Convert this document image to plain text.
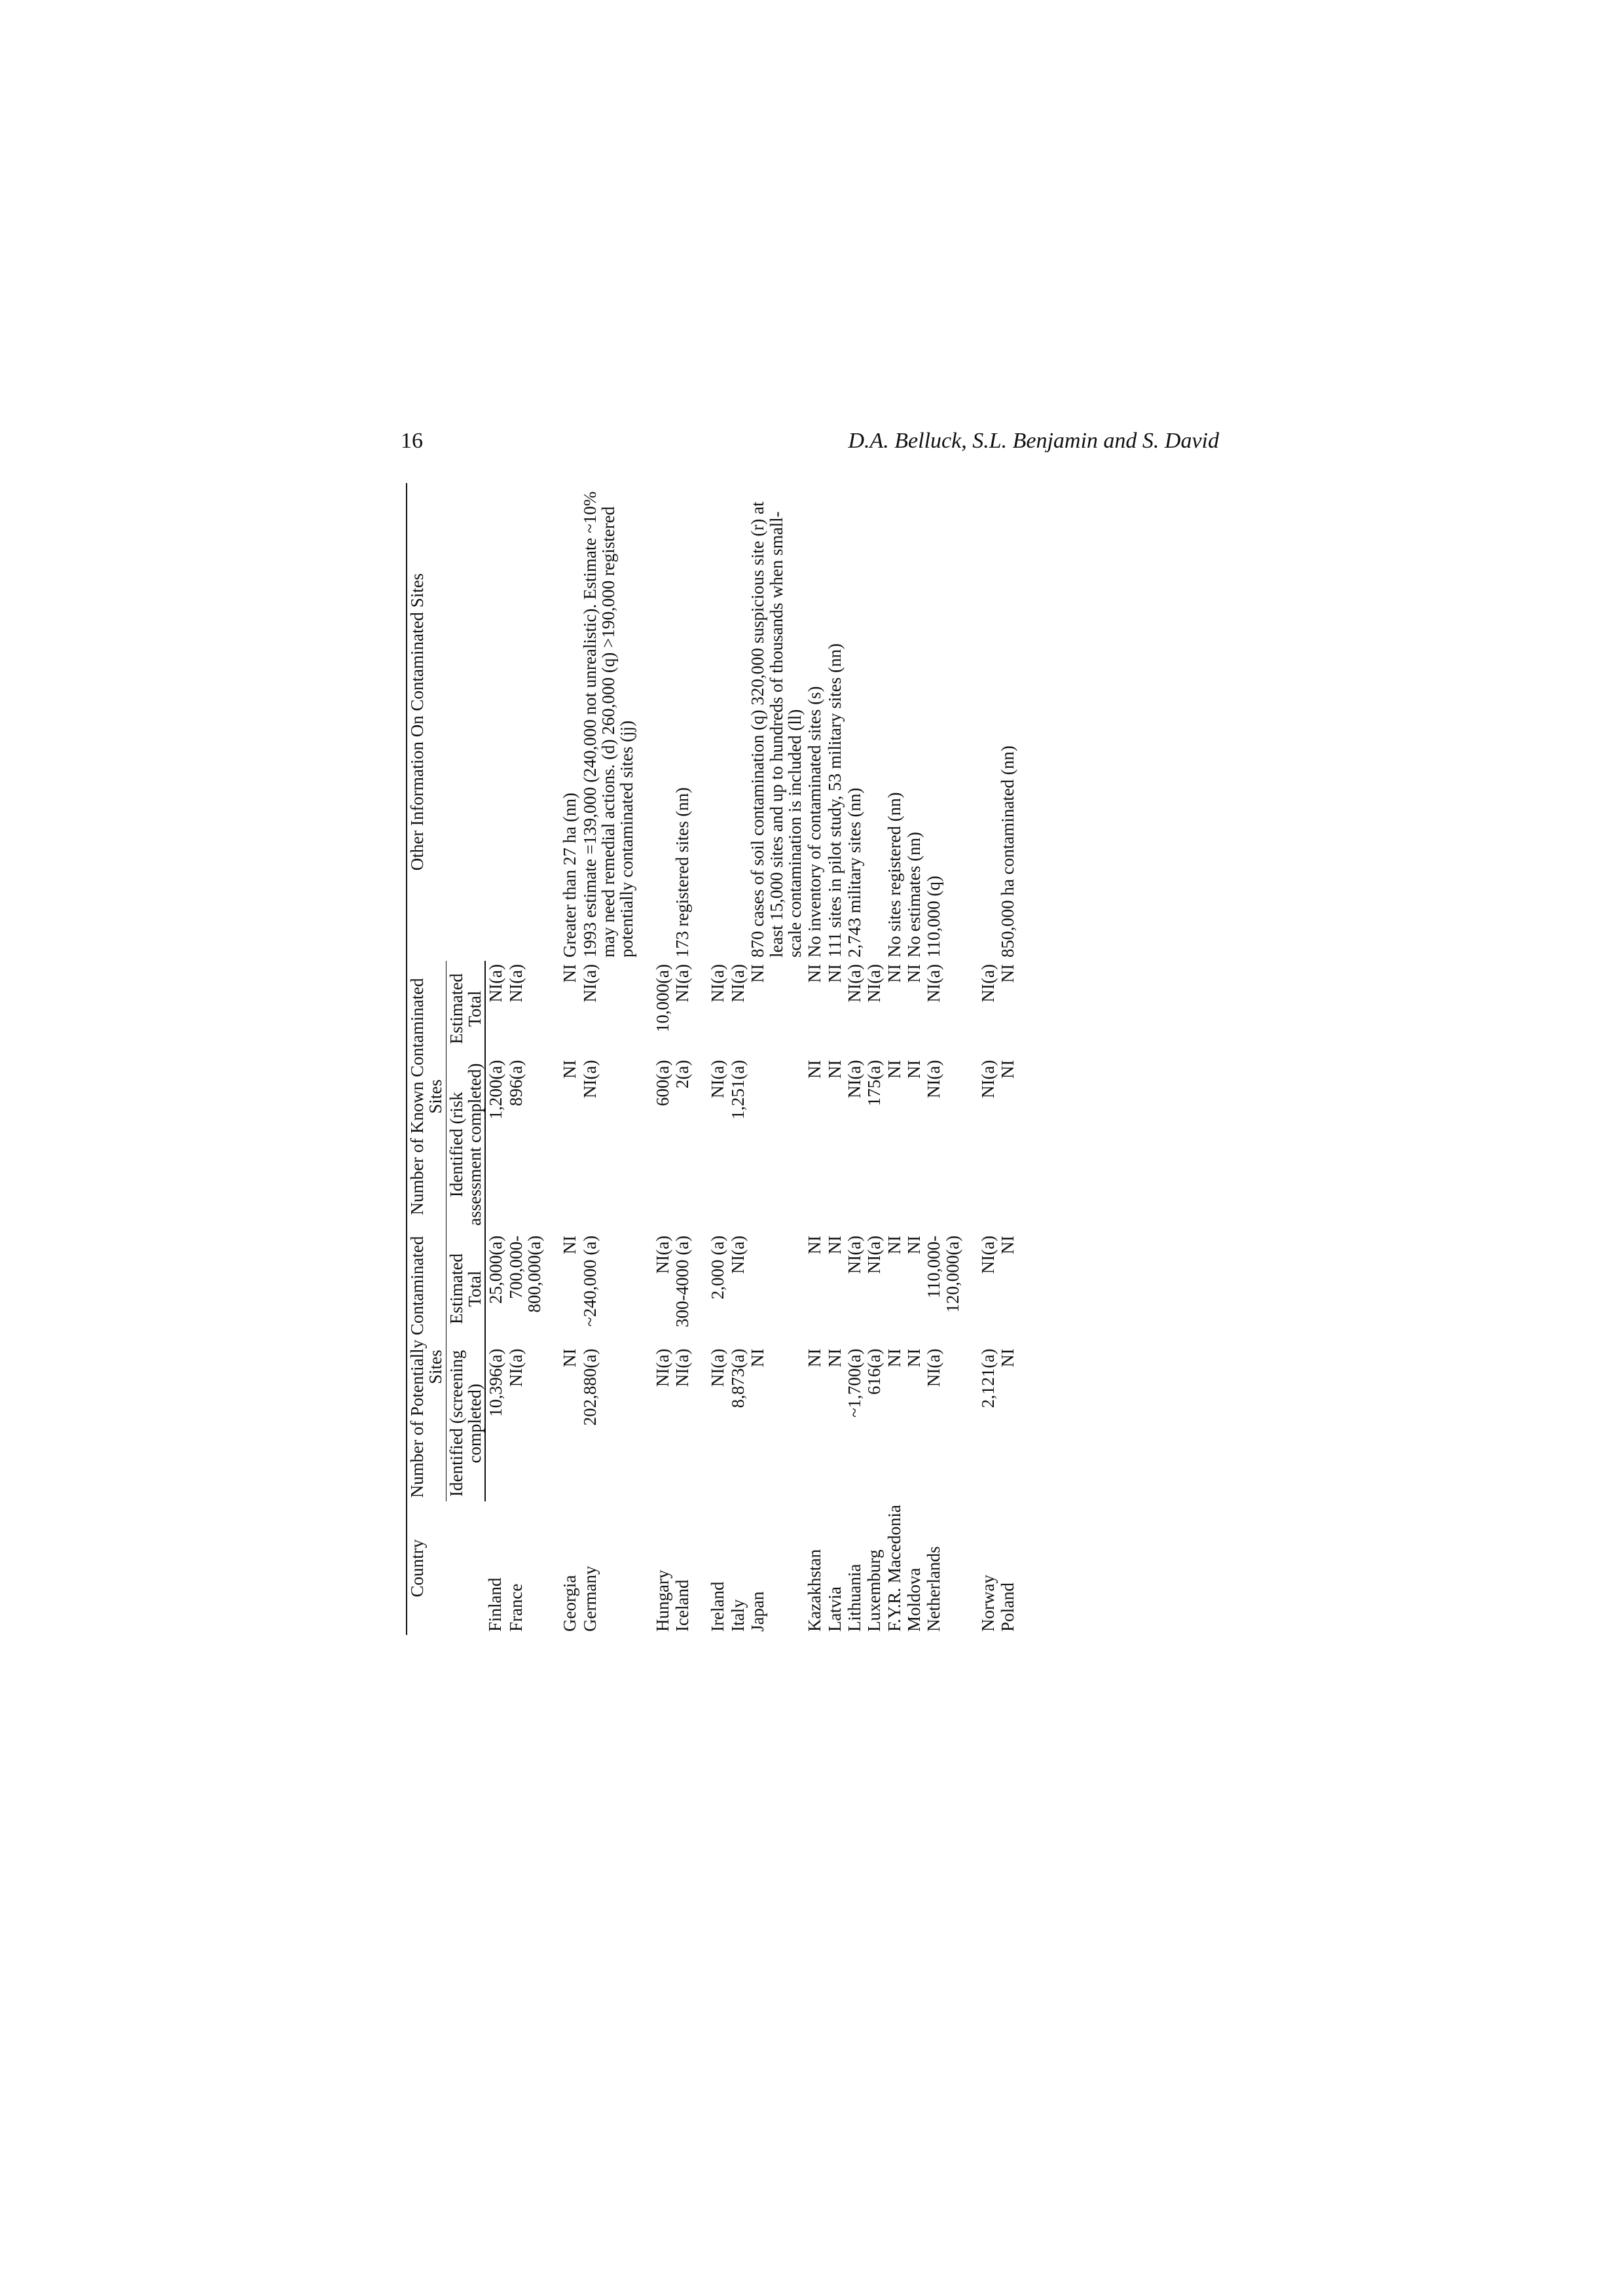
16	D.A. Belluck, S.L. Benjamin and S. David
Country	Number of Potentially Contaminated Sites		Number of Known Contaminated Sites		Other Information On Contaminated Sites
	Identified (screening completed)	Estimated Total	Identified (risk assessment completed)	Estimated Total	
Finland	10,396(a)	25,000(a)	1,200(a)	NI(a)	
France	NI(a)	700,000-800,000(a)	896(a)	NI(a)	

Georgia	NI	NI	NI	NI	Greater than 27 ha (nn)
Germany	202,880(a)	~240,000 (a)	NI(a)	NI(a)	1993 estimate =139,000 (240,000 not unrealistic). Estimate ~10% may need remedial actions. (d) 260,000 (q) >190,000 registered potentially contaminated sites (jj)

Hungary	NI(a)	NI(a)	600(a)	10,000(a)	
Iceland	NI(a)	300-4000 (a)	2(a)	NI(a)	173 registered sites (nn)

Ireland	NI(a)	2,000 (a)	NI(a)	NI(a)	
Italy	8,873(a)	NI(a)	1,251(a)	NI(a)	
Japan	NI			NI	870 cases of soil contamination (q) 320,000 suspicious site (r) at least 15,000 sites and up to hundreds of thousands when small-scale contamination is included (ll)
Kazakhstan	NI	NI	NI	NI	No inventory of contaminated sites (s)
Latvia	NI	NI	NI	NI	111 sites in pilot study, 53 military sites (nn)
Lithuania	~1,700(a)	NI(a)	NI(a)	NI(a)	2,743 military sites (nn)
Luxemburg	616(a)	NI(a)	175(a)	NI(a)	
F.Y.R. Macedonia	NI	NI	NI	NI	No sites registered (nn)
Moldova	NI	NI	NI	NI	No estimates (nn)
Netherlands	NI(a)	110,000-120,000(a)	NI(a)	NI(a)	110,000 (q)

Norway	2,121(a)	NI(a)	NI(a)	NI(a)	
Poland	NI	NI	NI	NI	850,000 ha contaminated (nn)
